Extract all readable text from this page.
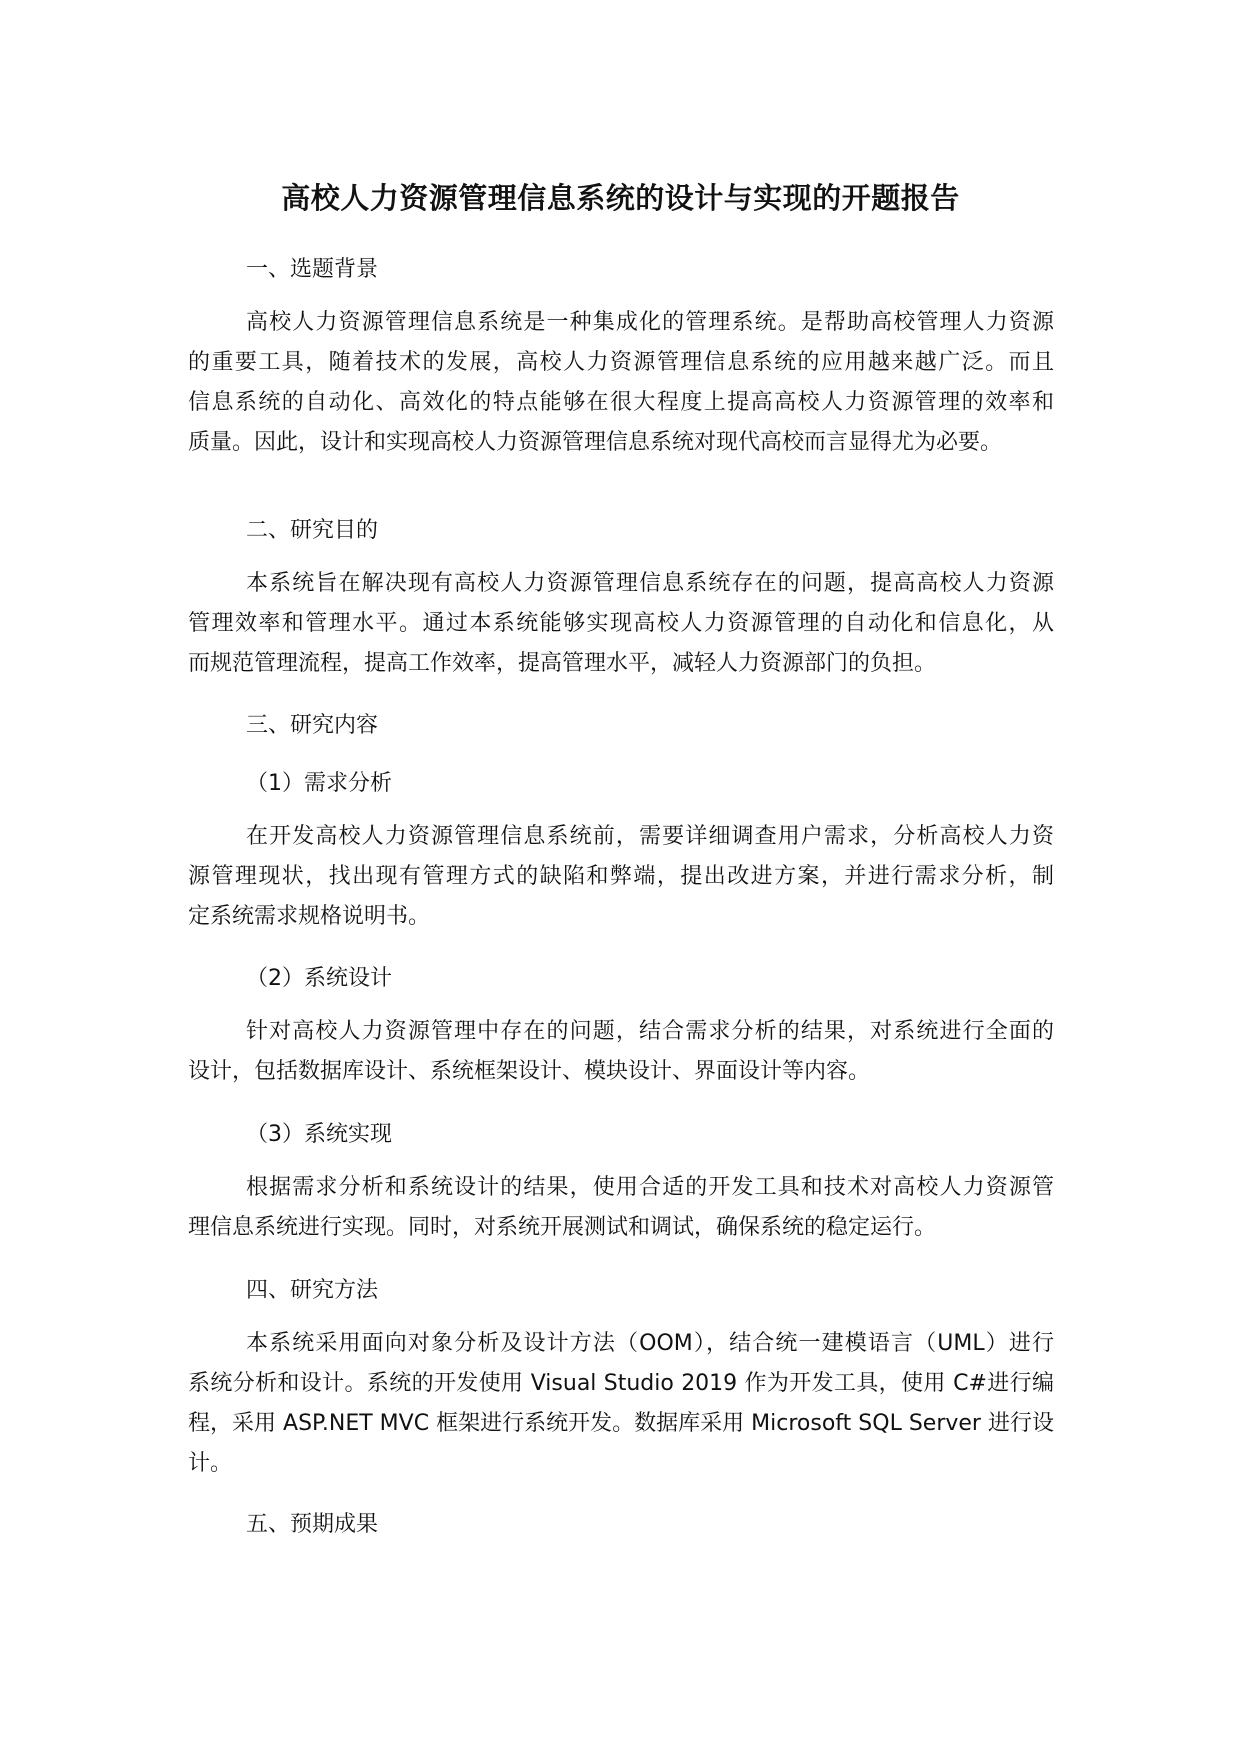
高校人力资源管理信息系统的设计与实现的开题报告
一、选题背景
高校人力资源管理信息系统是一种集成化的管理系统。是帮助高校管理人力资源
的重要工具，随着技术的发展，高校人力资源管理信息系统的应用越来越广泛。而且
信息系统的自动化、高效化的特点能够在很大程度上提高高校人力资源管理的效率和
质量。因此，设计和实现高校人力资源管理信息系统对现代高校而言显得尤为必要。
二、研究目的
本系统旨在解决现有高校人力资源管理信息系统存在的问题，提高高校人力资源
管理效率和管理水平。通过本系统能够实现高校人力资源管理的自动化和信息化，从
而规范管理流程，提高工作效率，提高管理水平，减轻人力资源部门的负担。
三、研究内容
（1）需求分析
在开发高校人力资源管理信息系统前，需要详细调查用户需求，分析高校人力资
源管理现状，找出现有管理方式的缺陷和弊端，提出改进方案，并进行需求分析，制
定系统需求规格说明书。
（2）系统设计
针对高校人力资源管理中存在的问题，结合需求分析的结果，对系统进行全面的
设计，包括数据库设计、系统框架设计、模块设计、界面设计等内容。
（3）系统实现
根据需求分析和系统设计的结果，使用合适的开发工具和技术对高校人力资源管
理信息系统进行实现。同时，对系统开展测试和调试，确保系统的稳定运行。
四、研究方法
本系统采用面向对象分析及设计方法（OOM），结合统一建模语言（UML）进行
系统分析和设计。系统的开发使用 Visual Studio 2019 作为开发工具，使用 C#进行编
程，采用 ASP.NET MVC 框架进行系统开发。数据库采用 Microsoft SQL Server 进行设
计。
五、预期成果
